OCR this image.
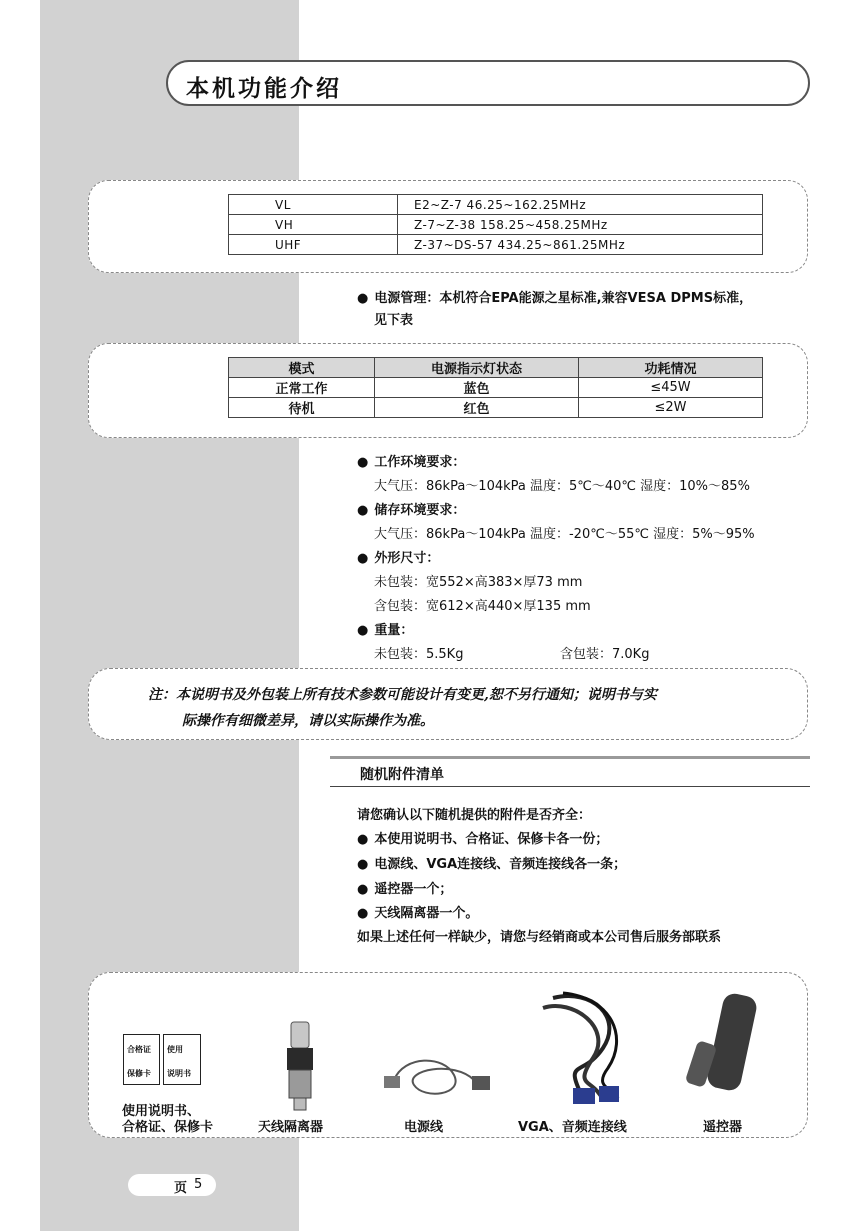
本机功能介绍
VL	E2~Z-7 46.25~162.25MHz
VH	Z-7~Z-38 158.25~458.25MHz
UHF	Z-37~DS-57 434.25~861.25MHz
● 电源管理：本机符合EPA能源之星标准,兼容VESA DPMS标准，
见下表
模式	电源指示灯状态	功耗情况
正常工作	蓝色	≤45W
待机	红色	≤2W
● 工作环境要求：
大气压：86kPa～104kPa 温度：5℃～40℃ 湿度：10%～85%
● 储存环境要求：
大气压：86kPa～104kPa 温度：-20℃～55℃ 湿度：5%～95%
● 外形尺寸：
未包装：宽552×高383×厚73 mm
含包装：宽612×高440×厚135 mm
● 重量：
未包装：5.5Kg	含包装：7.0Kg
注：本说明书及外包装上所有技术参数可能设计有变更,恕不另行通知；说明书与实
际操作有细微差异，请以实际操作为准。
随机附件清单
请您确认以下随机提供的附件是否齐全：
● 本使用说明书、合格证、保修卡各一份；
● 电源线、VGA连接线、音频连接线各一条；
● 遥控器一个；
● 天线隔离器一个。
如果上述任何一样缺少，请您与经销商或本公司售后服务部联系
合格证
保修卡
使用
说明书
使用说明书、
合格证、保修卡	天线隔离器	电源线	VGA、音频连接线	遥控器
页 5
